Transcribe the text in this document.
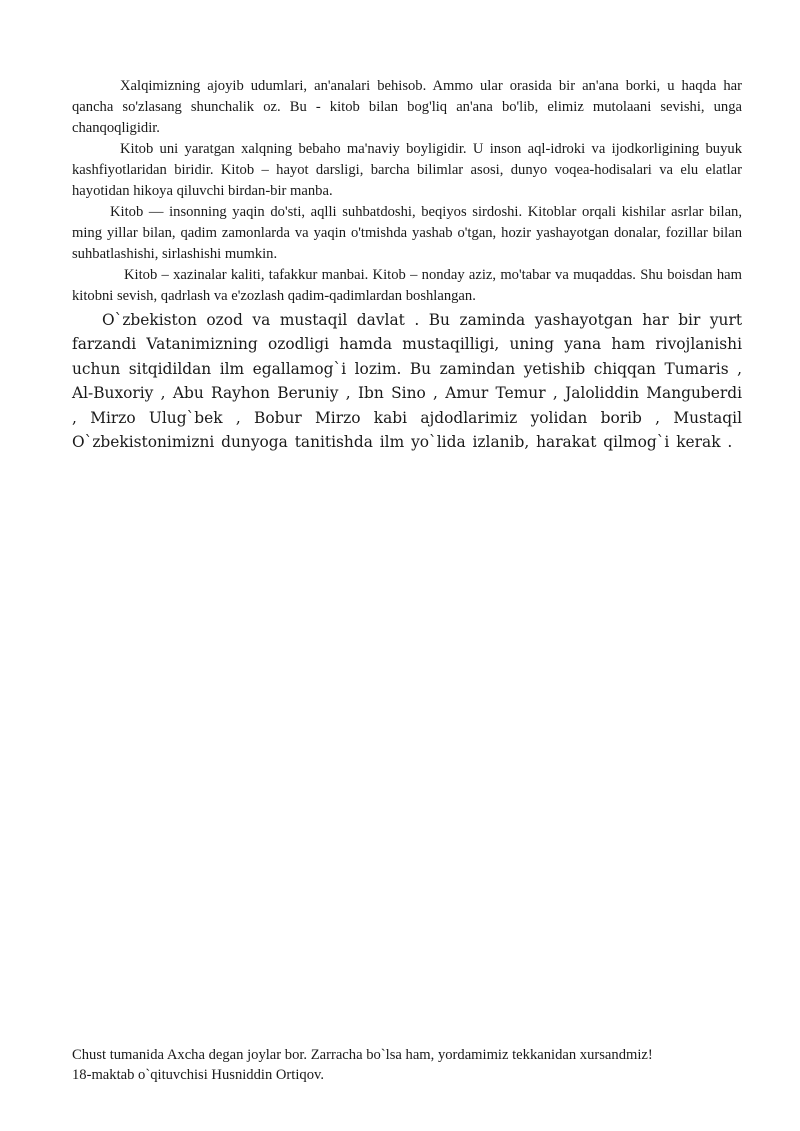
Xalqimizning ajoyib udumlari, an'analari behisob. Ammo ular orasida bir an'ana borki, u haqda har qancha so'zlasang shunchalik oz. Bu - kitob bilan bog'liq an'ana bo'lib, elimiz mutolaani sevishi, unga chanqoqligidir.

Kitob uni yaratgan xalqning bebaho ma'naviy boyligidir. U inson aql-idroki va ijodkorligining buyuk kashfiyotlaridan biridir. Kitob – hayot darsligi, barcha bilimlar asosi, dunyo voqea-hodisalari va elu elatlar hayotidan hikoya qiluvchi birdan-bir manba.

Kitob — insonning yaqin do'sti, aqlli suhbatdoshi, beqiyos sirdoshi. Kitoblar orqali kishilar asrlar bilan, ming yillar bilan, qadim zamonlarda va yaqin o'tmishda yashab o'tgan, hozir yashayotgan donalar, fozillar bilan suhbatlashishi, sirlashishi mumkin.

Kitob – xazinalar kaliti, tafakkur manbai. Kitob – nonday aziz, mo'tabar va muqaddas. Shu boisdan ham kitobni sevish, qadrlash va e'zozlash qadim-qadimlardan boshlangan.

O`zbekiston ozod va mustaqil davlat . Bu zaminda yashayotgan har bir yurt farzandi Vatanimizning ozodligi hamda mustaqilligi, uning yana ham rivojlanishi uchun sitqidildan ilm egallamog`i lozim. Bu zamindan yetishib chiqqan Tumaris , Al-Buxoriy , Abu Rayhon Beruniy , Ibn Sino , Amur Temur , Jaloliddin Manguberdi , Mirzo Ulug`bek , Bobur Mirzo kabi ajdodlarimiz yolidan borib , Mustaqil O`zbekistonimizni dunyoga tanitishda ilm yo`lida izlanib, harakat qilmog`i kerak .

Chust tumanida Axcha degan joylar bor. Zarracha bo`lsa ham, yordamimiz tekkanidan xursandmiz!

18-maktab o`qituvchisi Husniddin Ortiqov.
